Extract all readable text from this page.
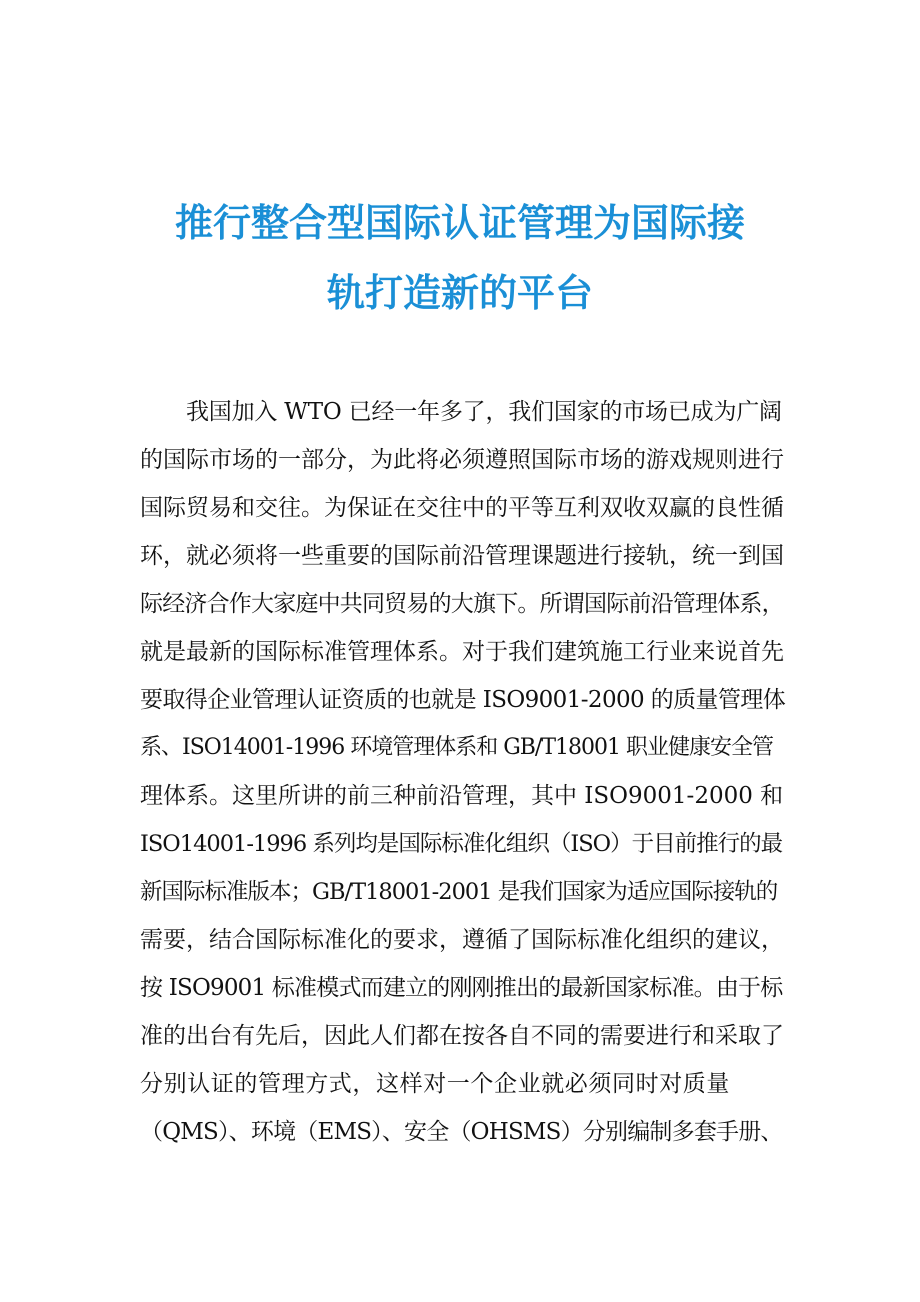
推行整合型国际认证管理为国际接
轨打造新的平台

我国加入 WTO 已经一年多了，我们国家的市场已成为广阔

的国际市场的一部分，为此将必须遵照国际市场的游戏规则进行

国际贸易和交往。为保证在交往中的平等互利双收双赢的良性循

环，就必须将一些重要的国际前沿管理课题进行接轨，统一到国

际经济合作大家庭中共同贸易的大旗下。所谓国际前沿管理体系，

就是最新的国际标准管理体系。对于我们建筑施工行业来说首先

要取得企业管理认证资质的也就是 ISO9001-2000 的质量管理体

系、ISO14001-1996 环境管理体系和 GB/T18001 职业健康安全管

理体系。这里所讲的前三种前沿管理，其中 ISO9001-2000 和

ISO14001-1996 系列均是国际标准化组织（ISO）于目前推行的最

新国际标准版本；GB/T18001-2001 是我们国家为适应国际接轨的

需要，结合国际标准化的要求，遵循了国际标准化组织的建议，

按 ISO9001 标准模式而建立的刚刚推出的最新国家标准。由于标

准的出台有先后，因此人们都在按各自不同的需要进行和采取了

分别认证的管理方式，这样对一个企业就必须同时对质量

（QMS）、环境（EMS）、安全（OHSMS）分别编制多套手册、
